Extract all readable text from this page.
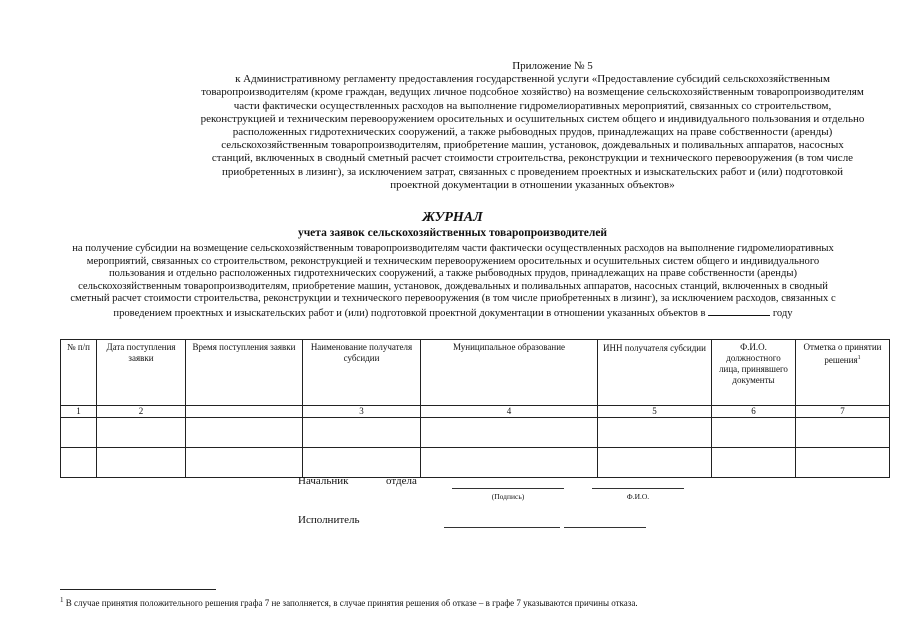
Приложение № 5
к Административному регламенту предоставления государственной услуги «Предоставление субсидий сельскохозяйственным товаропроизводителям (кроме граждан, ведущих личное подсобное хозяйство) на возмещение сельскохозяйственным товаропроизводителям части фактически осуществленных расходов на выполнение гидромелиоративных мероприятий, связанных со строительством, реконструкцией и техническим перевооружением оросительных и осушительных систем общего и индивидуального пользования и отдельно расположенных гидротехнических сооружений, а также рыбоводных прудов, принадлежащих на праве собственности (аренды) сельскохозяйственным товаропроизводителям, приобретение машин, установок, дождевальных и поливальных аппаратов, насосных станций, включенных в сводный сметный расчет стоимости строительства, реконструкции и технического перевооружения (в том числе приобретенных в лизинг), за исключением затрат, связанных с проведением проектных и изыскательских работ и (или) подготовкой проектной документации в отношении указанных объектов»
ЖУРНАЛ
учета заявок сельскохозяйственных товаропроизводителей
на получение субсидии на возмещение сельскохозяйственным товаропроизводителям части фактически осуществленных расходов на выполнение гидромелиоративных мероприятий, связанных со строительством, реконструкцией и техническим перевооружением оросительных и осушительных систем общего и индивидуального пользования и отдельно расположенных гидротехнических сооружений, а также рыбоводных прудов, принадлежащих на праве собственности (аренды) сельскохозяйственным товаропроизводителям, приобретение машин, установок, дождевальных и поливальных аппаратов, насосных станций, включенных в сводный сметный расчет стоимости строительства, реконструкции и технического перевооружения (в том числе приобретенных в лизинг), за исключением расходов, связанных с проведением проектных и изыскательских работ и (или) подготовкой проектной документации в отношении указанных объектов в	году
№ п/п	Дата поступления заявки	Время поступления заявки	Наименование получателя субсидии	Муниципальное образование	ИНН получателя субсидии	Ф.И.О. должностного лица, принявшего документы	Отметка о принятии решения$^1$
1	2		3	4	5	6	7

Начальник	отдела
(Подпись)	Ф.И.О.
Исполнитель
$^1$ В случае принятия положительного решения графа 7 не заполняется, в случае принятия решения об отказе – в графе 7 указываются причины отказа.
